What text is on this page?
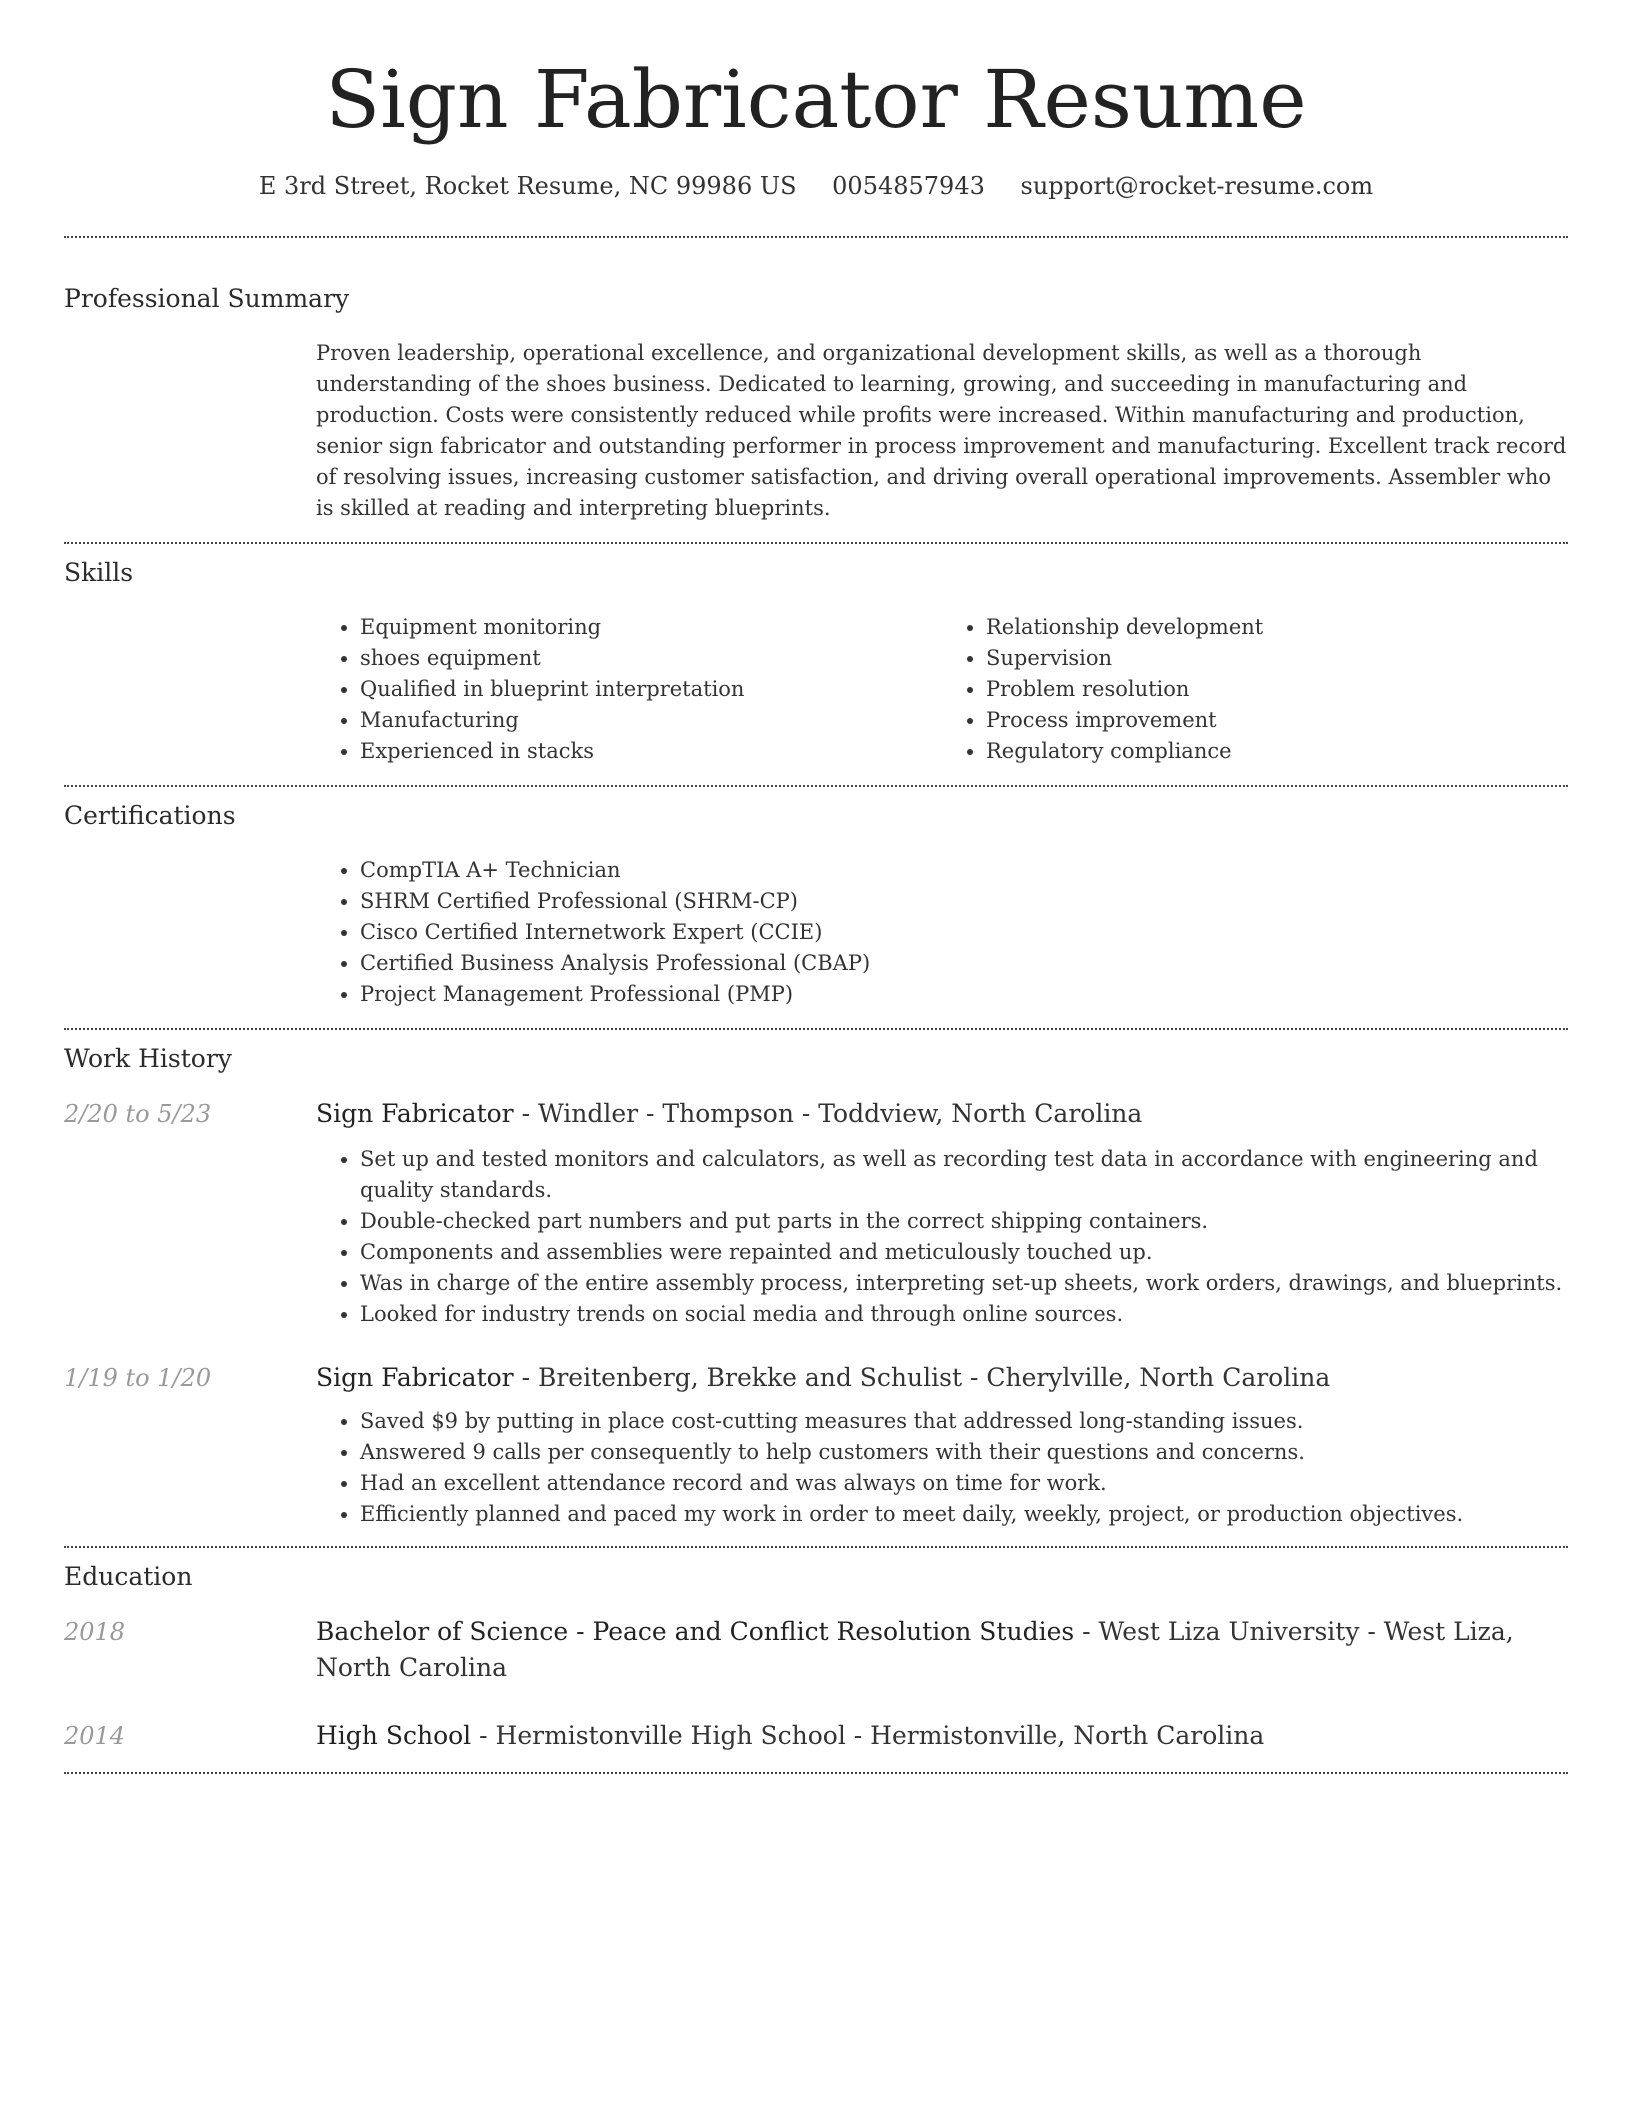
Sign Fabricator Resume
E 3rd Street, Rocket Resume, NC 99986 US 0054857943 support@rocket-resume.com
Professional Summary

Proven leadership, operational excellence, and organizational development skills, as well as a thorough understanding of the shoes business. Dedicated to learning, growing, and succeeding in manufacturing and production. Costs were consistently reduced while profits were increased. Within manufacturing and production, senior sign fabricator and outstanding performer in process improvement and manufacturing. Excellent track record of resolving issues, increasing customer satisfaction, and driving overall operational improvements. Assembler who is skilled at reading and interpreting blueprints.

Skills
• Equipment monitoring
• shoes equipment
• Qualified in blueprint interpretation
• Manufacturing
• Experienced in stacks
• Relationship development
• Supervision
• Problem resolution
• Process improvement
• Regulatory compliance
Certifications
• CompTIA A+ Technician
• SHRM Certified Professional (SHRM-CP)
• Cisco Certified Internetwork Expert (CCIE)
• Certified Business Analysis Professional (CBAP)
• Project Management Professional (PMP)
Work History
2/20 to 5/23	Sign Fabricator - Windler - Thompson - Toddview, North Carolina
• Set up and tested monitors and calculators, as well as recording test data in accordance with engineering and quality standards.
• Double-checked part numbers and put parts in the correct shipping containers.
• Components and assemblies were repainted and meticulously touched up.
• Was in charge of the entire assembly process, interpreting set-up sheets, work orders, drawings, and blueprints.
• Looked for industry trends on social media and through online sources.
1/19 to 1/20	Sign Fabricator - Breitenberg, Brekke and Schulist - Cherylville, North Carolina
• Saved $9 by putting in place cost-cutting measures that addressed long-standing issues.
• Answered 9 calls per consequently to help customers with their questions and concerns.
• Had an excellent attendance record and was always on time for work.
• Efficiently planned and paced my work in order to meet daily, weekly, project, or production objectives.
Education
2018	Bachelor of Science - Peace and Conflict Resolution Studies - West Liza University - West Liza, North Carolina
2014	High School - Hermistonville High School - Hermistonville, North Carolina
